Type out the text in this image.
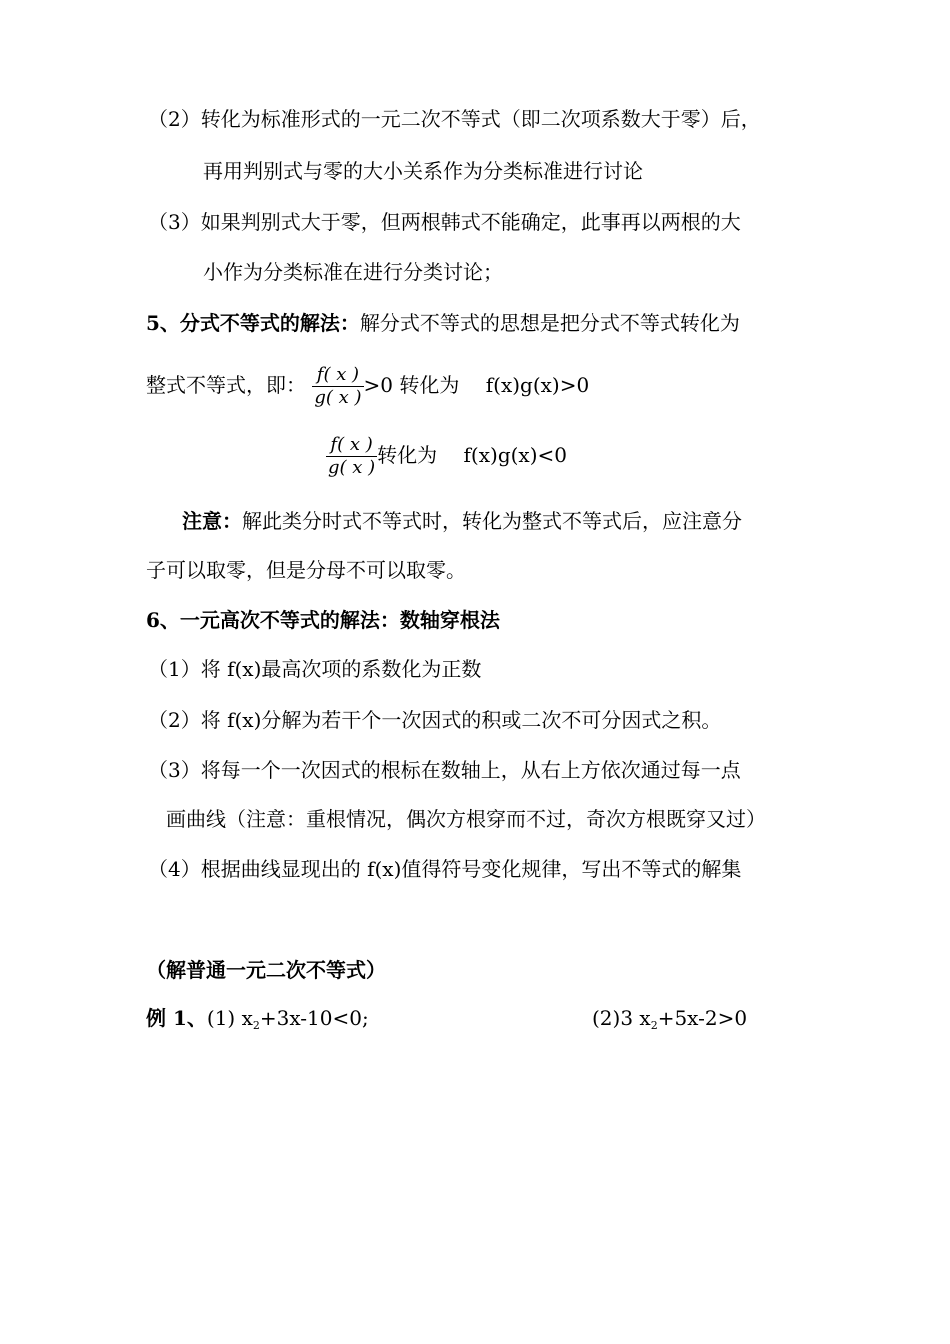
（2）转化为标准形式的一元二次不等式（即二次项系数大于零）后，
再用判别式与零的大小关系作为分类标准进行讨论
（3）如果判别式大于零，但两根韩式不能确定，此事再以两根的大
小作为分类标准在进行分类讨论；
5、分式不等式的解法：解分式不等式的思想是把分式不等式转化为
整式不等式，即： $\frac{f( x )}{g( x )} >0$ 转化为 f(x)g(x)>0
$\frac{f( x )}{g( x )}$ 转化为 f(x)g(x)<0
注意：解此类分时式不等式时，转化为整式不等式后，应注意分
子可以取零，但是分母不可以取零。
6、一元高次不等式的解法：数轴穿根法
（1）将 f(x)最高次项的系数化为正数
（2）将 f(x)分解为若干个一次因式的积或二次不可分因式之积。
（3）将每一个一次因式的根标在数轴上，从右上方依次通过每一点
画曲线（注意：重根情况，偶次方根穿而不过，奇次方根既穿又过）
（4）根据曲线显现出的 f(x)值得符号变化规律，写出不等式的解集
（解普通一元二次不等式）
例 1、(1) $x_2+3x-10<0$;	(2)3 $x_2+5x-2>0$
